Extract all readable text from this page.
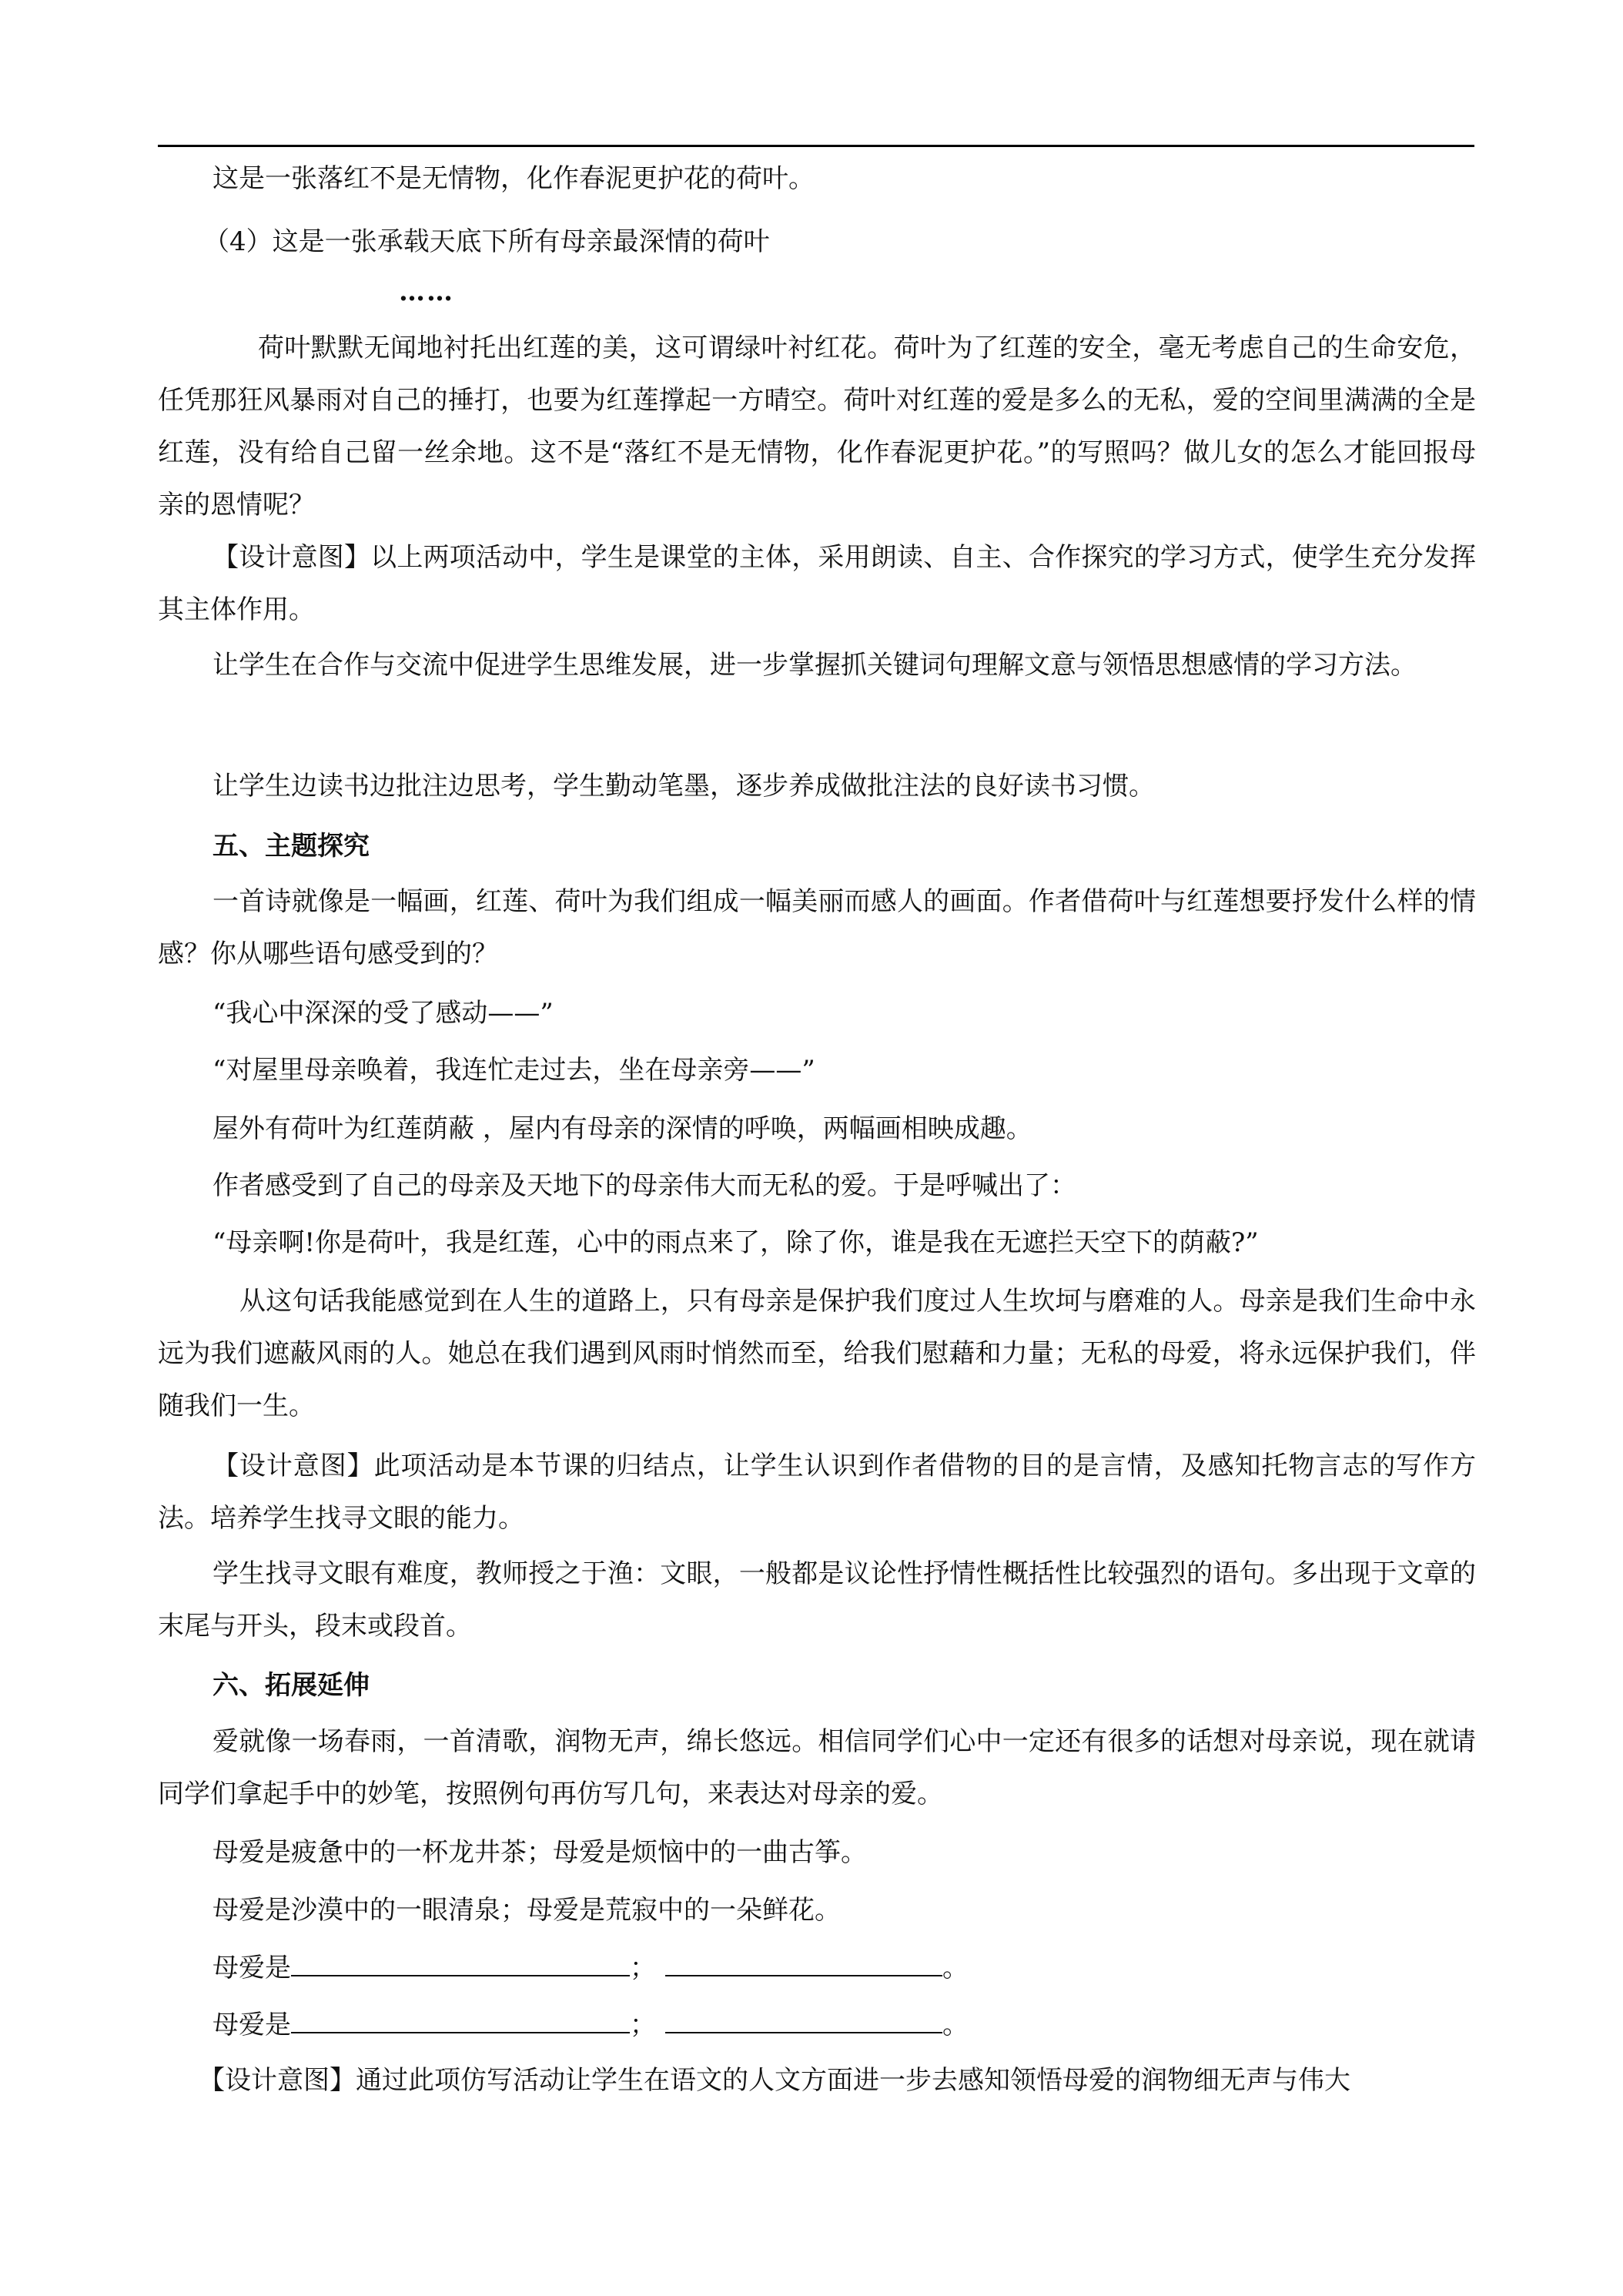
这是一张落红不是无情物，化作春泥更护花的荷叶。

（4）这是一张承载天底下所有母亲最深情的荷叶

……

荷叶默默无闻地衬托出红莲的美，这可谓绿叶衬红花。荷叶为了红莲的安全，毫无考虑自己的生命安危，任凭那狂风暴雨对自己的捶打，也要为红莲撑起一方晴空。荷叶对红莲的爱是多么的无私，爱的空间里满满的全是红莲，没有给自己留一丝余地。这不是“落红不是无情物，化作春泥更护花。”的写照吗？做儿女的怎么才能回报母亲的恩情呢？

【设计意图】以上两项活动中，学生是课堂的主体，采用朗读、自主、合作探究的学习方式，使学生充分发挥其主体作用。

让学生在合作与交流中促进学生思维发展，进一步掌握抓关键词句理解文意与领悟思想感情的学习方法。

让学生边读书边批注边思考，学生勤动笔墨，逐步养成做批注法的良好读书习惯。

五、主题探究

一首诗就像是一幅画，红莲、荷叶为我们组成一幅美丽而感人的画面。作者借荷叶与红莲想要抒发什么样的情感？你从哪些语句感受到的？

“我心中深深的受了感动——”

“对屋里母亲唤着，我连忙走过去，坐在母亲旁——”

屋外有荷叶为红莲荫蔽 ，屋内有母亲的深情的呼唤，两幅画相映成趣。

作者感受到了自己的母亲及天地下的母亲伟大而无私的爱。于是呼喊出了：

“母亲啊!你是荷叶，我是红莲，心中的雨点来了，除了你，谁是我在无遮拦天空下的荫蔽?”

从这句话我能感觉到在人生的道路上，只有母亲是保护我们度过人生坎坷与磨难的人。母亲是我们生命中永远为我们遮蔽风雨的人。她总在我们遇到风雨时悄然而至，给我们慰藉和力量；无私的母爱，将永远保护我们，伴随我们一生。

【设计意图】此项活动是本节课的归结点，让学生认识到作者借物的目的是言情，及感知托物言志的写作方法。培养学生找寻文眼的能力。

学生找寻文眼有难度，教师授之于渔：文眼，一般都是议论性抒情性概括性比较强烈的语句。多出现于文章的末尾与开头，段末或段首。

六、拓展延伸

爱就像一场春雨，一首清歌，润物无声，绵长悠远。相信同学们心中一定还有很多的话想对母亲说，现在就请同学们拿起手中的妙笔，按照例句再仿写几句，来表达对母亲的爱。

母爱是疲惫中的一杯龙井茶；母爱是烦恼中的一曲古筝。

母爱是沙漠中的一眼清泉；母爱是荒寂中的一朵鲜花。

母爱是	；	。

母爱是	；	。

【设计意图】通过此项仿写活动让学生在语文的人文方面进一步去感知领悟母爱的润物细无声与伟大
